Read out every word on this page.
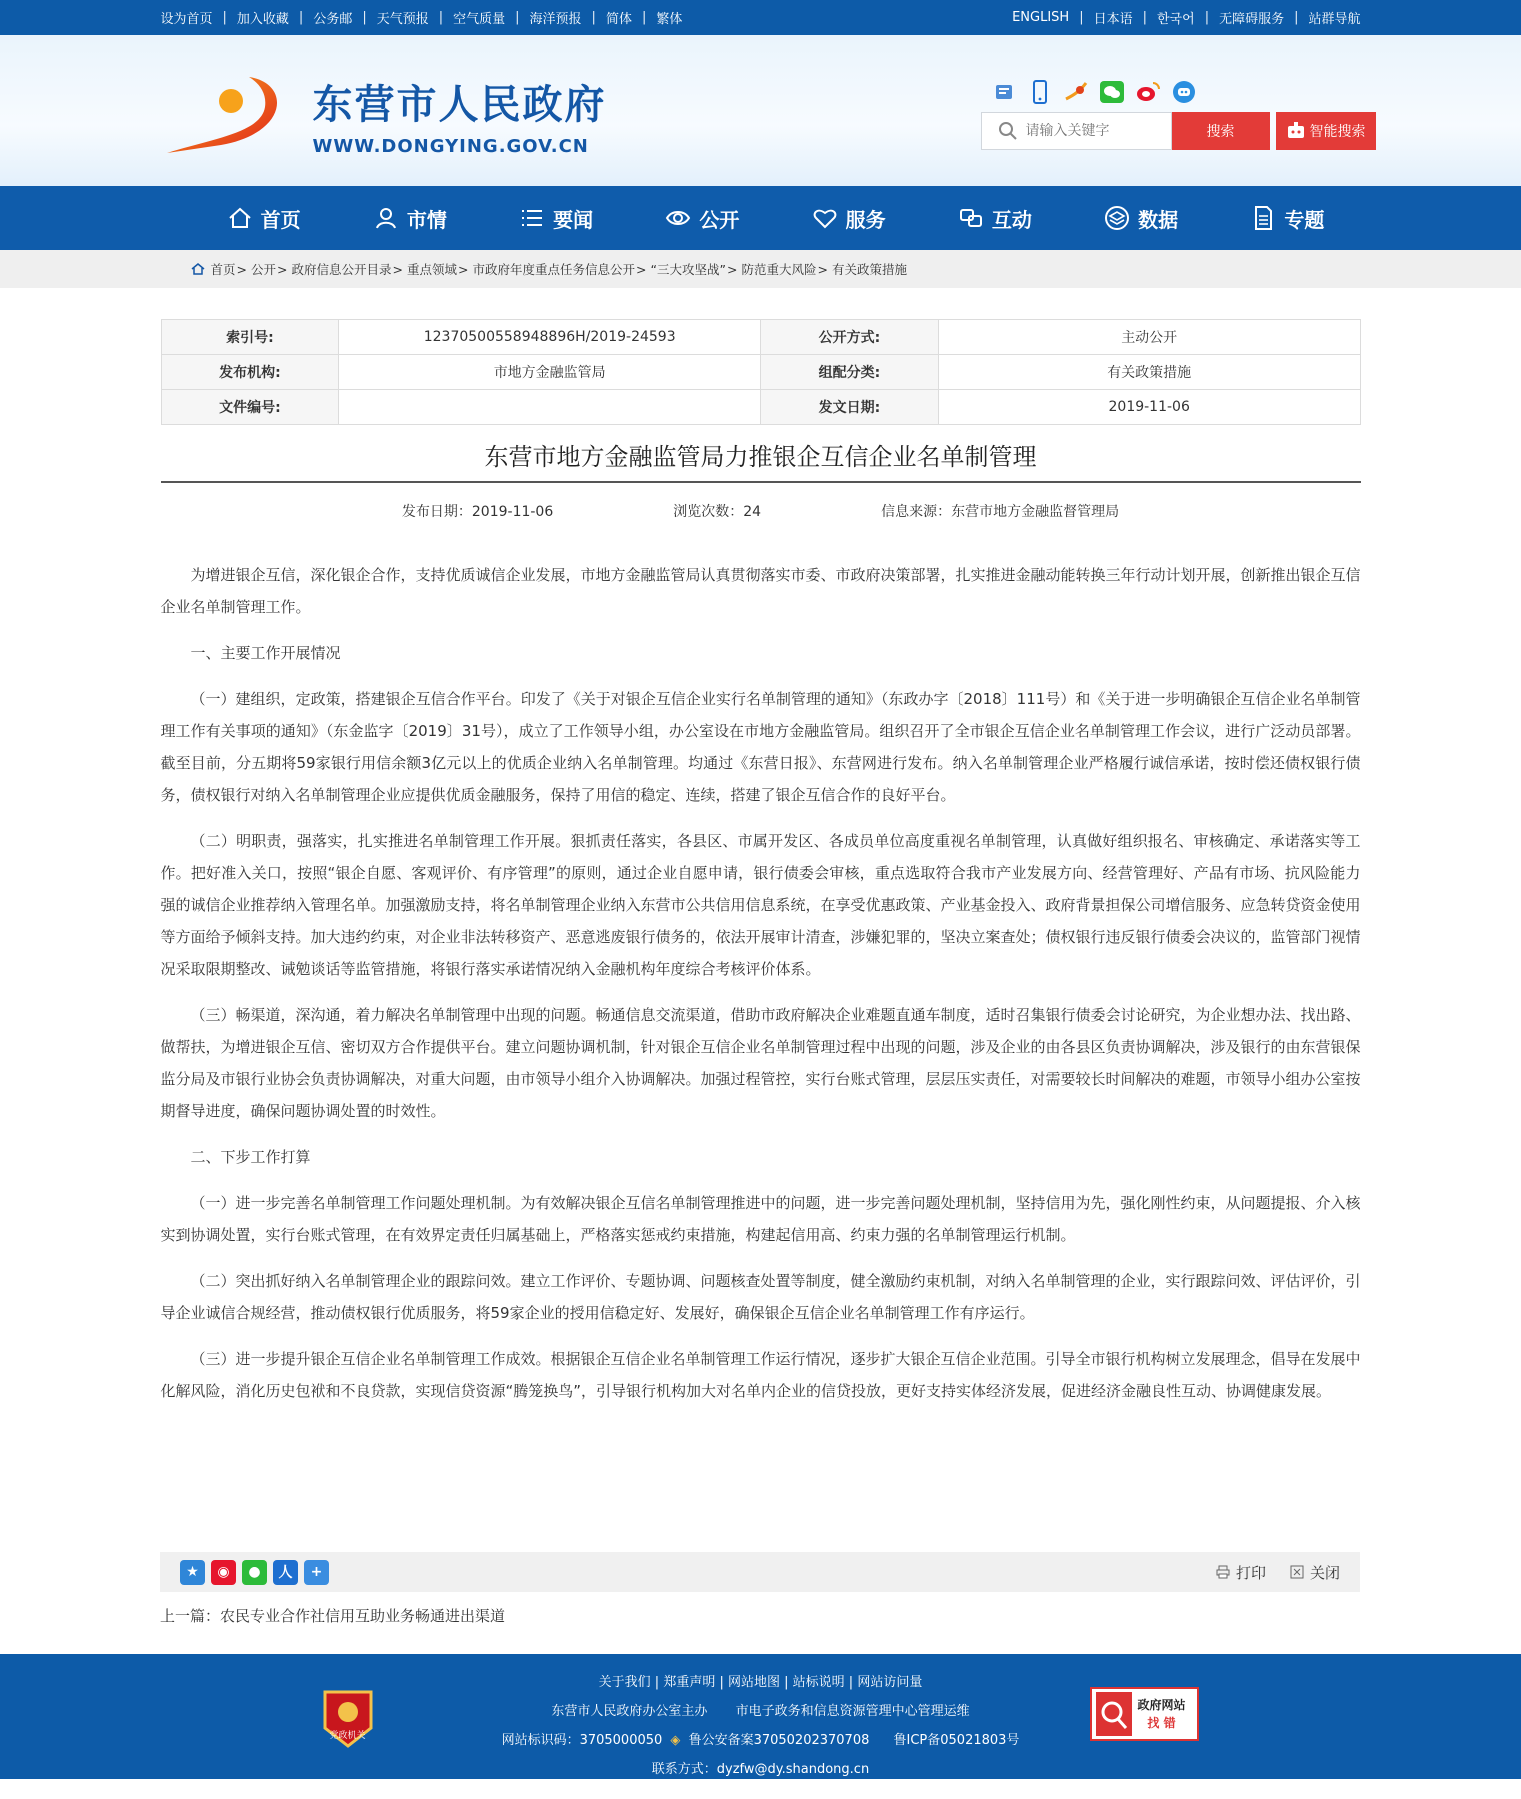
设为首页 | 加入收藏 | 公务邮 | 天气预报 | 空气质量 | 海洋预报 | 简体 | 繁体	ENGLISH | 日本语 | 한국어 | 无障碍服务 | 站群导航
东营市人民政府
WWW.DONGYING.GOV.CN
请输入关键字
搜索	智能搜索
首页	市情	要闻	公开	服务	互动	数据	专题
首页 > 公开 > 政府信息公开目录 > 重点领域 > 市政府年度重点任务信息公开 > “三大攻坚战” > 防范重大风险 > 有关政策措施
索引号:	12370500558948896H/2019-24593	公开方式:	主动公开
发布机构:	市地方金融监管局	组配分类:	有关政策措施
文件编号:		发文日期:	2019-11-06
东营市地方金融监管局力推银企互信企业名单制管理
发布日期：2019-11-06	浏览次数：24	信息来源：东营市地方金融监督管理局

为增进银企互信，深化银企合作，支持优质诚信企业发展，市地方金融监管局认真贯彻落实市委、市政府决策部署，扎实推进金融动能转换三年行动计划开展，创新推出银企互信企业名单制管理工作。

一、主要工作开展情况

（一）建组织，定政策，搭建银企互信合作平台。印发了《关于对银企互信企业实行名单制管理的通知》（东政办字〔2018〕111号）和《关于进一步明确银企互信企业名单制管理工作有关事项的通知》（东金监字〔2019〕31号），成立了工作领导小组，办公室设在市地方金融监管局。组织召开了全市银企互信企业名单制管理工作会议，进行广泛动员部署。截至目前，分五期将59家银行用信余额3亿元以上的优质企业纳入名单制管理。均通过《东营日报》、东营网进行发布。纳入名单制管理企业严格履行诚信承诺，按时偿还债权银行债务，债权银行对纳入名单制管理企业应提供优质金融服务，保持了用信的稳定、连续，搭建了银企互信合作的良好平台。

（二）明职责，强落实，扎实推进名单制管理工作开展。狠抓责任落实，各县区、市属开发区、各成员单位高度重视名单制管理，认真做好组织报名、审核确定、承诺落实等工作。把好准入关口，按照“银企自愿、客观评价、有序管理”的原则，通过企业自愿申请，银行债委会审核，重点选取符合我市产业发展方向、经营管理好、产品有市场、抗风险能力强的诚信企业推荐纳入管理名单。加强激励支持，将名单制管理企业纳入东营市公共信用信息系统，在享受优惠政策、产业基金投入、政府背景担保公司增信服务、应急转贷资金使用等方面给予倾斜支持。加大违约约束，对企业非法转移资产、恶意逃废银行债务的，依法开展审计清查，涉嫌犯罪的，坚决立案查处；债权银行违反银行债委会决议的，监管部门视情况采取限期整改、诫勉谈话等监管措施，将银行落实承诺情况纳入金融机构年度综合考核评价体系。

（三）畅渠道，深沟通，着力解决名单制管理中出现的问题。畅通信息交流渠道，借助市政府解决企业难题直通车制度，适时召集银行债委会讨论研究，为企业想办法、找出路、做帮扶，为增进银企互信、密切双方合作提供平台。建立问题协调机制，针对银企互信企业名单制管理过程中出现的问题，涉及企业的由各县区负责协调解决，涉及银行的由东营银保监分局及市银行业协会负责协调解决，对重大问题，由市领导小组介入协调解决。加强过程管控，实行台账式管理，层层压实责任，对需要较长时间解决的难题，市领导小组办公室按期督导进度，确保问题协调处置的时效性。

二、下步工作打算

（一）进一步完善名单制管理工作问题处理机制。为有效解决银企互信名单制管理推进中的问题，进一步完善问题处理机制，坚持信用为先，强化刚性约束，从问题提报、介入核实到协调处置，实行台账式管理，在有效界定责任归属基础上，严格落实惩戒约束措施，构建起信用高、约束力强的名单制管理运行机制。

（二）突出抓好纳入名单制管理企业的跟踪问效。建立工作评价、专题协调、问题核查处置等制度，健全激励约束机制，对纳入名单制管理的企业，实行跟踪问效、评估评价，引导企业诚信合规经营，推动债权银行优质服务，将59家企业的授用信稳定好、发展好，确保银企互信企业名单制管理工作有序运行。

（三）进一步提升银企互信企业名单制管理工作成效。根据银企互信企业名单制管理工作运行情况，逐步扩大银企互信企业范围。引导全市银行机构树立发展理念，倡导在发展中化解风险，消化历史包袱和不良贷款，实现信贷资源“腾笼换鸟”，引导银行机构加大对名单内企业的信贷投放，更好支持实体经济发展，促进经济金融良性互动、协调健康发展。

★	◉	●	人	+	打印	关闭
上一篇：农民专业合作社信用互助业务畅通进出渠道
党政机关
关于我们 | 郑重声明 | 网站地图 | 站标说明 | 网站访问量
东营市人民政府办公室主办 市电子政务和信息资源管理中心管理运维
网站标识码：3705000050 ◈ 鲁公安备案37050202370708 鲁ICP备05021803号
联系方式：dyzfw@dy.shandong.cn
政府网站
找 错
